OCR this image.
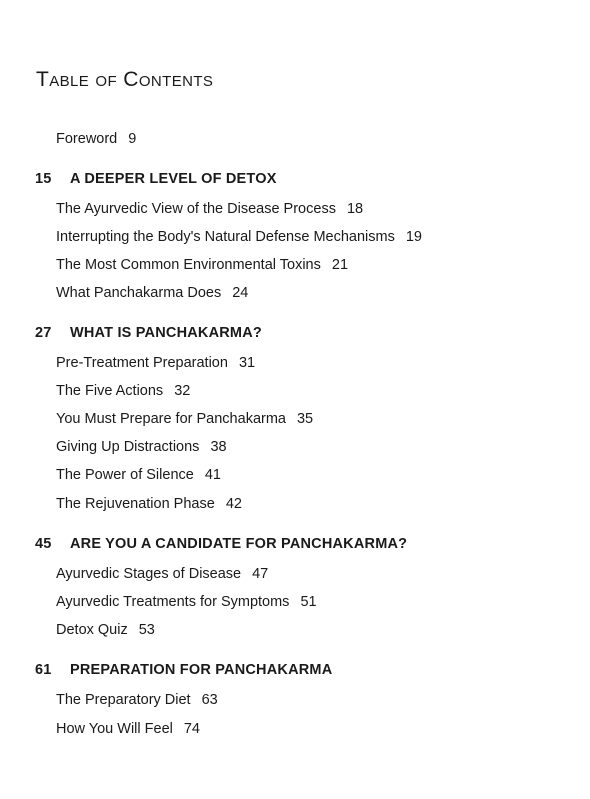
Table of Contents
Foreword 9
15 A DEEPER LEVEL OF DETOX
The Ayurvedic View of the Disease Process 18
Interrupting the Body's Natural Defense Mechanisms 19
The Most Common Environmental Toxins 21
What Panchakarma Does 24
27 WHAT IS PANCHAKARMA?
Pre-Treatment Preparation 31
The Five Actions 32
You Must Prepare for Panchakarma 35
Giving Up Distractions 38
The Power of Silence 41
The Rejuvenation Phase 42
45 ARE YOU A CANDIDATE FOR PANCHAKARMA?
Ayurvedic Stages of Disease 47
Ayurvedic Treatments for Symptoms 51
Detox Quiz 53
61 PREPARATION FOR PANCHAKARMA
The Preparatory Diet 63
How You Will Feel 74
